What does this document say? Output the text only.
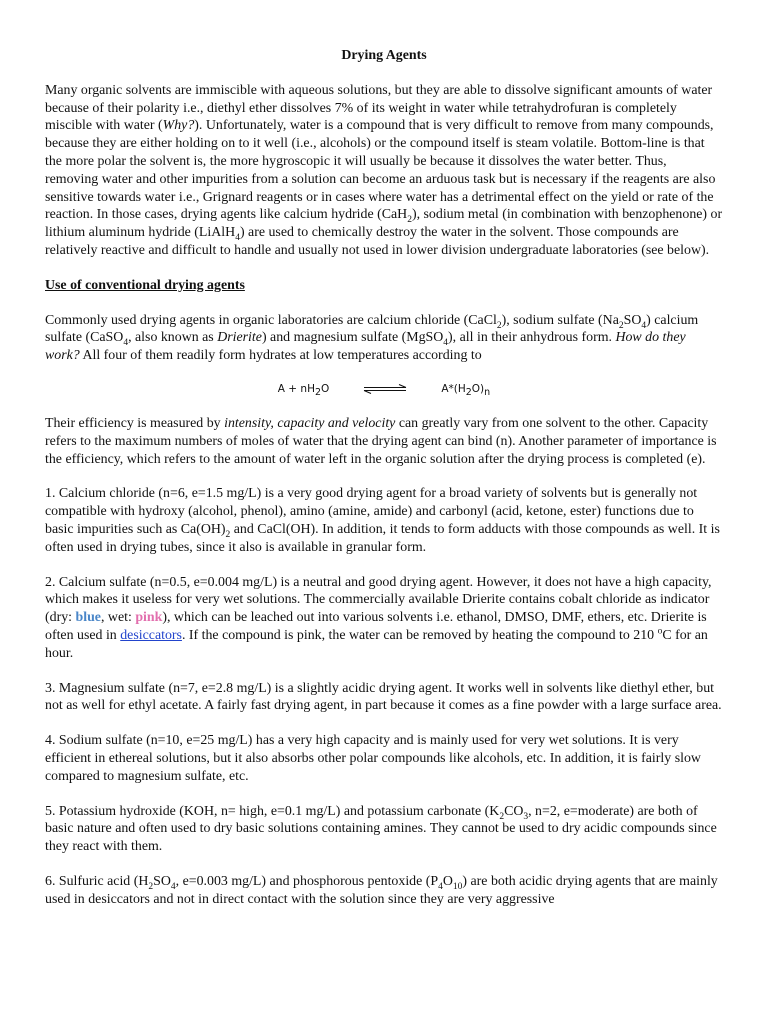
Drying Agents

Many organic solvents are immiscible with aqueous solutions, but they are able to dissolve significant amounts of water because of their polarity i.e., diethyl ether dissolves 7% of its weight in water while tetrahydrofuran is completely miscible with water (Why?). Unfortunately, water is a compound that is very difficult to remove from many compounds, because they are either holding on to it well (i.e., alcohols) or the compound itself is steam volatile. Bottom-line is that the more polar the solvent is, the more hygroscopic it will usually be because it dissolves the water better. Thus, removing water and other impurities from a solution can become an arduous task but is necessary if the reagents are also sensitive towards water i.e., Grignard reagents or in cases where water has a detrimental effect on the yield or rate of the reaction. In those cases, drying agents like calcium hydride (CaH$_2$), sodium metal (in combination with benzophenone) or lithium aluminum hydride (LiAlH$_4$) are used to chemically destroy the water in the solvent. Those compounds are relatively reactive and difficult to handle and usually not used in lower division undergraduate laboratories (see below).

Use of conventional drying agents

Commonly used drying agents in organic laboratories are calcium chloride (CaCl$_2$), sodium sulfate $(Na_2SO_4)$ calcium sulfate (CaSO$_4$, also known as Drierite) and magnesium sulfate (MgSO$_4$), all in their anhydrous form. How do they work? All four of them readily form hydrates at low temperatures according to

$A + nH_2O$	$A*(H_2O)_n$

Their efficiency is measured by intensity, capacity and velocity can greatly vary from one solvent to the other. Capacity refers to the maximum numbers of moles of water that the drying agent can bind (n). Another parameter of importance is the efficiency, which refers to the amount of water left in the organic solution after the drying process is completed (e).

1. Calcium chloride (n=6, e=1.5 mg/L) is a very good drying agent for a broad variety of solvents but is generally not compatible with hydroxy (alcohol, phenol), amino (amine, amide) and carbonyl (acid, ketone, ester) functions due to basic impurities such as $Ca(OH)_2$ and CaCl(OH). In addition, it tends to form adducts with those compounds as well. It is often used in drying tubes, since it also is available in granular form.

2. Calcium sulfate (n=0.5, e=0.004 mg/L) is a neutral and good drying agent. However, it does not have a high capacity, which makes it useless for very wet solutions. The commercially available Drierite contains cobalt chloride as indicator (dry: blue, wet: pink), which can be leached out into various solvents i.e. ethanol, DMSO, DMF, ethers, etc. Drierite is often used in desiccators. If the compound is pink, the water can be removed by heating the compound to 210 $^o$C for an hour.

3. Magnesium sulfate (n=7, e=2.8 mg/L) is a slightly acidic drying agent. It works well in solvents like diethyl ether, but not as well for ethyl acetate. A fairly fast drying agent, in part because it comes as a fine powder with a large surface area.

4. Sodium sulfate (n=10, e=25 mg/L) has a very high capacity and is mainly used for very wet solutions. It is very efficient in ethereal solutions, but it also absorbs other polar compounds like alcohols, etc. In addition, it is fairly slow compared to magnesium sulfate, etc.

5. Potassium hydroxide (KOH, n= high, e=0.1 mg/L) and potassium carbonate ($K_2CO_3$, n=2, e=moderate) are both of basic nature and often used to dry basic solutions containing amines. They cannot be used to dry acidic compounds since they react with them.

6. Sulfuric acid ($H_2SO_4$, e=0.003 mg/L) and phosphorous pentoxide $(P_4O_{10})$ are both acidic drying agents that are mainly used in desiccators and not in direct contact with the solution since they are very aggressive
